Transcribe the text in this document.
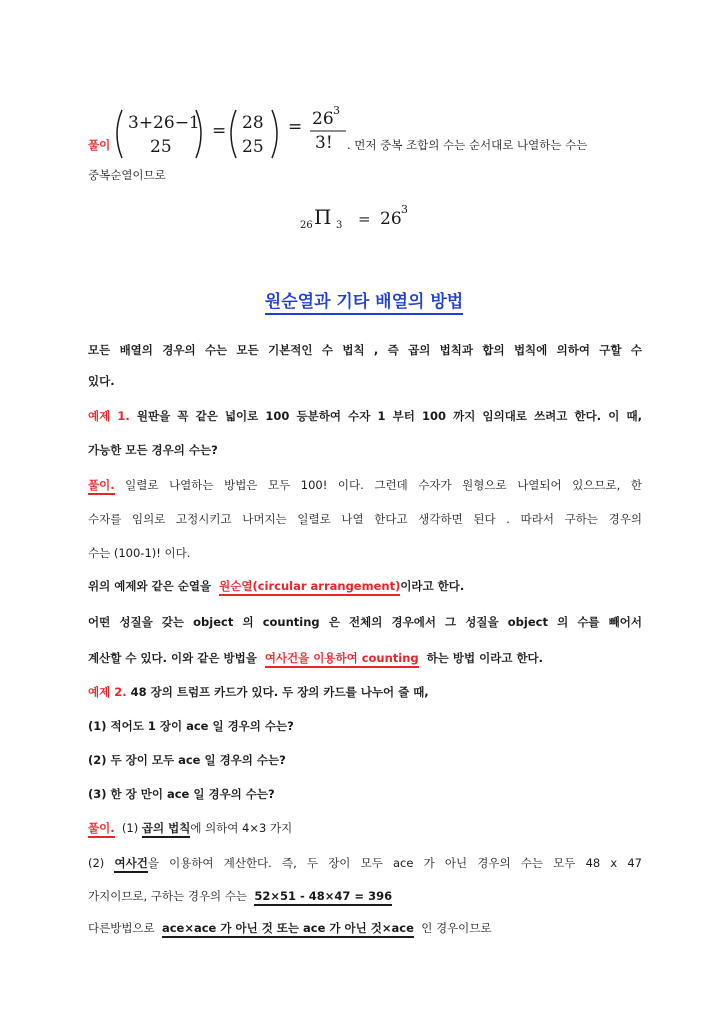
풀이
3+26−1
25
= 28
25
= 26 3
3! . 먼저 중복 조합의 수는 순서대로 나열하는 수는
중복순열이므로
26 Π 3 = 26 3
원순열과 기타 배열의 방법
모든 배열의 경우의 수는 모든 기본적인 수 법칙 , 즉 곱의 법칙과 합의 법칙에 의하여 구할 수
있다.
예제 1. 원판을 꼭 같은 넓이로 100 등분하여 수자 1 부터 100 까지 임의대로 쓰려고 한다. 이 때,
가능한 모든 경우의 수는?
풀이. 일렬로 나열하는 방법은 모두 100! 이다. 그런데 수자가 원형으로 나열되어 있으므로, 한
수자를 임의로 고정시키고 나머지는 일렬로 나열 한다고 생각하면 된다 . 따라서 구하는 경우의
수는 (100-1)! 이다.
위의 예제와 같은 순열을 원순열(circular arrangement)이라고 한다.
어떤 성질을 갖는 object 의 counting 은 전체의 경우에서 그 성질을 object 의 수를 빼어서
계산할 수 있다. 이와 같은 방법을 여사건을 이용하여 counting 하는 방법 이라고 한다.
예제 2. 48 장의 트럼프 카드가 있다. 두 장의 카드를 나누어 줄 때,
(1) 적어도 1 장이 ace 일 경우의 수는?
(2) 두 장이 모두 ace 일 경우의 수는?
(3) 한 장 만이 ace 일 경우의 수는?
풀이. (1) 곱의 법칙에 의하여 4×3 가지
(2) 여사건을 이용하여 계산한다. 즉, 두 장이 모두 ace 가 아닌 경우의 수는 모두 48 x 47
가지이므로, 구하는 경우의 수는 52×51 - 48×47 = 396
다른방법으로 ace×ace 가 아닌 것 또는 ace 가 아닌 것×ace 인 경우이므로
